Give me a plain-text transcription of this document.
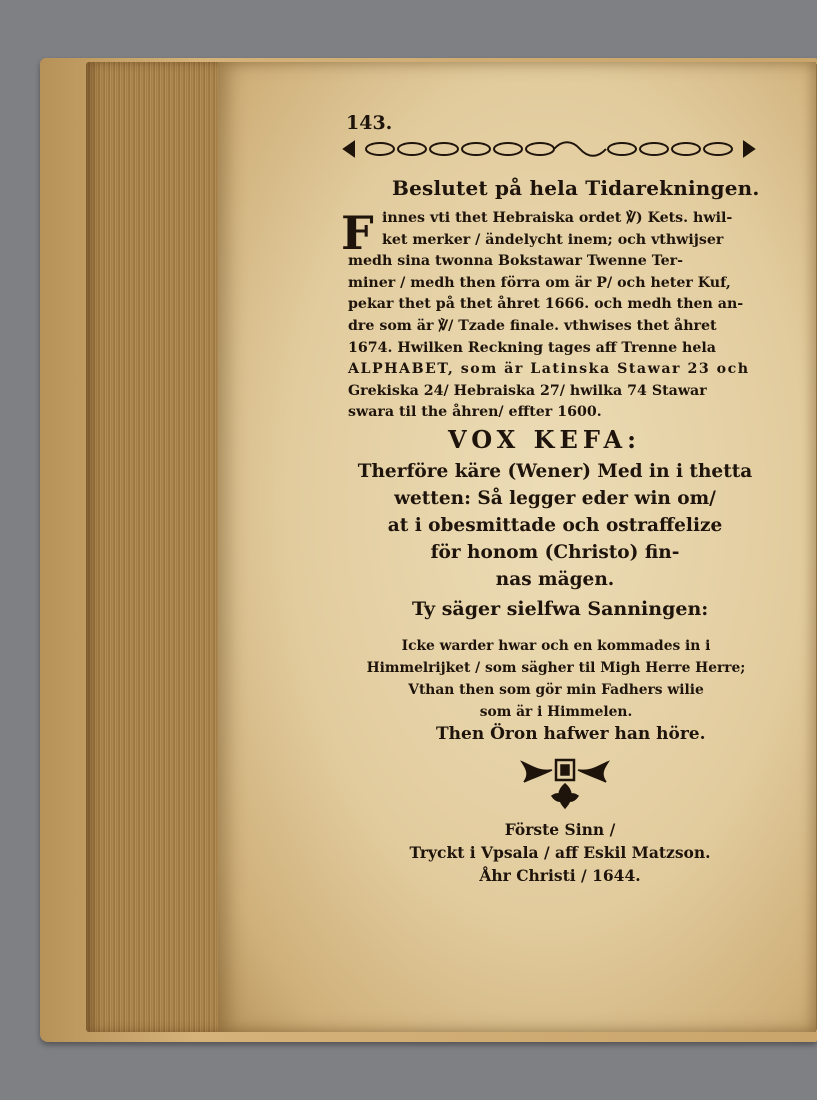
143.
Beslutet på hela Tidarekningen.
F innes vti thet Hebraiska ordet ℣) Kets. hwil-
ket merker / ändelycht inem; och vthwijser
medh sina twonna Bokstawar Twenne Ter-
miner / medh then förra om är P/ och heter Kuf,
pekar thet på thet åhret 1666. och medh then an-
dre som är ℣/ Tzade finale. vthwises thet åhret
1674. Hwilken Reckning tages aff Trenne hela
ALPHABET, som är Latinska Stawar 23 och
Grekiska 24/ Hebraiska 27/ hwilka 74 Stawar
swara til the åhren/ effter 1600.
VOX KEFA:
Therföre käre (Wener) Med in i thetta
wetten: Så legger eder win om/
at i obesmittade och ostraffelize
för honom (Christo) fin-
nas mägen.
Ty säger sielfwa Sanningen:
Icke warder hwar och en kommades in i
Himmelrijket / som sägher til Migh Herre Herre;
Vthan then som gör min Fadhers wilie
som är i Himmelen.
Then Öron hafwer han höre.
Förste Sinn /
Tryckt i Vpsala / aff Eskil Matzson.
Åhr Christi / 1644.
